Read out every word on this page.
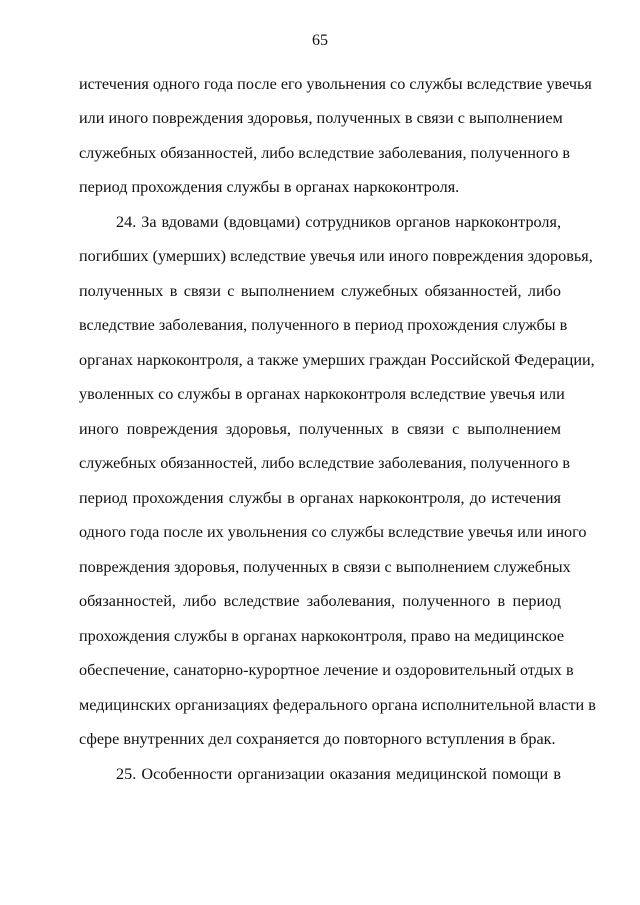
65
истечения одного года после его увольнения со службы вследствие увечья
или иного повреждения здоровья, полученных в связи с выполнением
служебных обязанностей, либо вследствие заболевания, полученного в
период прохождения службы в органах наркоконтроля.
24. За вдовами (вдовцами) сотрудников органов наркоконтроля,
погибших (умерших) вследствие увечья или иного повреждения здоровья,
полученных в связи с выполнением служебных обязанностей, либо
вследствие заболевания, полученного в период прохождения службы в
органах наркоконтроля, а также умерших граждан Российской Федерации,
уволенных со службы в органах наркоконтроля вследствие увечья или
иного повреждения здоровья, полученных в связи с выполнением
служебных обязанностей, либо вследствие заболевания, полученного в
период прохождения службы в органах наркоконтроля, до истечения
одного года после их увольнения со службы вследствие увечья или иного
повреждения здоровья, полученных в связи с выполнением служебных
обязанностей, либо вследствие заболевания, полученного в период
прохождения службы в органах наркоконтроля, право на медицинское
обеспечение, санаторно-курортное лечение и оздоровительный отдых в
медицинских организациях федерального органа исполнительной власти в
сфере внутренних дел сохраняется до повторного вступления в брак.
25. Особенности организации оказания медицинской помощи в
